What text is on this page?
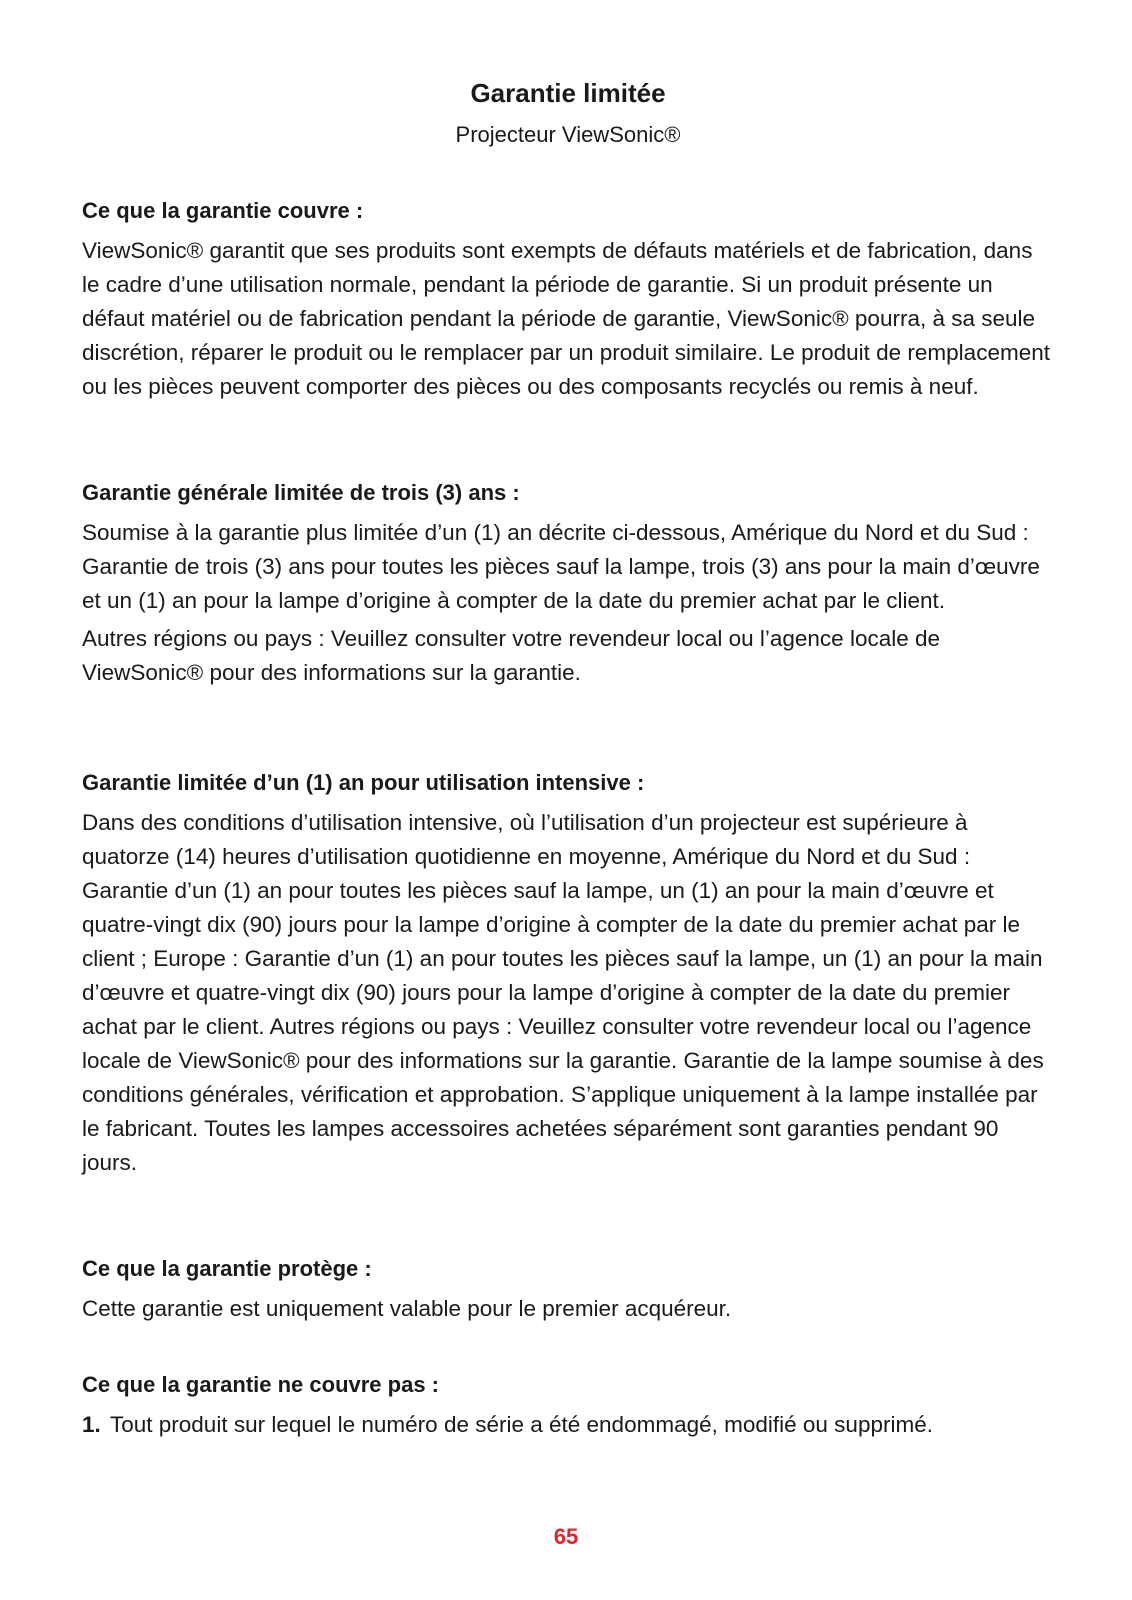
Garantie limitée
Projecteur ViewSonic®
Ce que la garantie couvre :

ViewSonic® garantit que ses produits sont exempts de défauts matériels et de fabrication, dans le cadre d’une utilisation normale, pendant la période de garantie. Si un produit présente un défaut matériel ou de fabrication pendant la période de garantie, ViewSonic® pourra, à sa seule discrétion, réparer le produit ou le remplacer par un produit similaire. Le produit de remplacement ou les pièces peuvent comporter des pièces ou des composants recyclés ou remis à neuf.

Garantie générale limitée de trois (3) ans :

Soumise à la garantie plus limitée d’un (1) an décrite ci-dessous, Amérique du Nord et du Sud : Garantie de trois (3) ans pour toutes les pièces sauf la lampe, trois (3) ans pour la main d’œuvre et un (1) an pour la lampe d’origine à compter de la date du premier achat par le client.

Autres régions ou pays : Veuillez consulter votre revendeur local ou l’agence locale de ViewSonic® pour des informations sur la garantie.

Garantie limitée d’un (1) an pour utilisation intensive :

Dans des conditions d’utilisation intensive, où l’utilisation d’un projecteur est supérieure à quatorze (14) heures d’utilisation quotidienne en moyenne, Amérique du Nord et du Sud : Garantie d’un (1) an pour toutes les pièces sauf la lampe, un (1) an pour la main d’œuvre et quatre-vingt dix (90) jours pour la lampe d’origine à compter de la date du premier achat par le client ; Europe : Garantie d’un (1) an pour toutes les pièces sauf la lampe, un (1) an pour la main d’œuvre et quatre-vingt dix (90) jours pour la lampe d’origine à compter de la date du premier achat par le client. Autres régions ou pays : Veuillez consulter votre revendeur local ou l’agence locale de ViewSonic® pour des informations sur la garantie. Garantie de la lampe soumise à des conditions générales, vérification et approbation. S’applique uniquement à la lampe installée par le fabricant. Toutes les lampes accessoires achetées séparément sont garanties pendant 90 jours.

Ce que la garantie protège :

Cette garantie est uniquement valable pour le premier acquéreur.

Ce que la garantie ne couvre pas :
1. Tout produit sur lequel le numéro de série a été endommagé, modifié ou supprimé.
65
